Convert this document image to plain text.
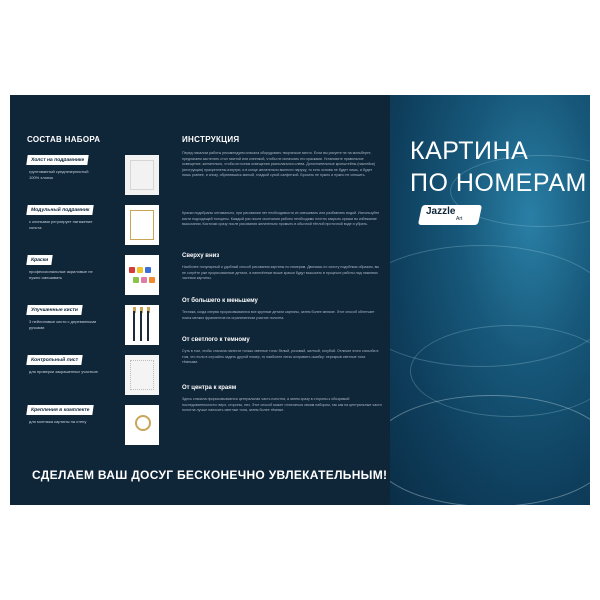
СОСТАВ НАБОРА	ИНСТРУКЦИЯ
Холст на подрамнике
грунтованный среднезернистый 100% хлопок
Модульный подрамник
с клиньями регулирует натяжение холста
Краски
профессиональные акриловые не нужно смешивать
Улучшенные кисти
3 нейлоновые кисти с деревянными ручками
Контрольный лист
для проверки закрашенных участков
Крепления в комплекте
для монтажа картины на стену
Перед началом работы рекомендуем сначала оборудовать творческое место. Если вы рисуете не на мольберте, предлагаем застелить стол газетой или клеенкой, чтобы не испачкать его красками. Установите правильное освещение, желательно, чтобы источник освещения располагался слева. Дополнительные кронштейны (наклейки) (инструкция) прикреплены изнутри, и в конце желательно вынести наружу, то есть основа не будет лишь, и будет лишь ровнее, и снизу, обратившись мягкой, гладкой сухой салфеткой. Бросать не нужно и нужно не спешить.
Краски подобраны оптимально, при рисовании нет необходимости их смешивать или разбавлять водой. Используйте кисти подходящей толщины. Каждый раз после окончания работы необходимо плотно закрыть краски во избежание высыхания. Кисточки сразу после рисования желательно промыть в обычной тёплой проточной воде и убрать.
Сверху вниз
Наиболее популярный и удобный способ рисования картины по номерам. Двигаясь по холсту подобным образом, вы не сотрёте уже прорисованные детали, а нанесённые выше краски будут высыхать в процессе работы над нижними частями картины.
От большего к меньшему
Техника, когда сперва прорисовываются все крупные детали картины, затем более мелкие. Этот способ облегчает поиск мелких фрагментов на ограниченном участке полотна.
От светлого к темному
Суть в том, чтобы сначала нанести только светлые тона: белый, розовый, желтый, голубой. Отличие этого способа в том, что если в случайно задеть другой номер, то наиболее легко исправить ошибку: перекрыв светлые тона тёмными.
От центра к краям
Здесь сначала прорисовываются центральная часть полотна, а затем сразу в стороны к обозримой последовательности: верх, стороны, низ. Этот способ может отличаться своим набором, так как на центральные части полотна лучше наносить светлые тона, затем более тёмные.
СДЕЛАЕМ ВАШ ДОСУГ БЕСКОНЕЧНО УВЛЕКАТЕЛЬНЫМ!
КАРТИНА
ПО НОМЕРАМ
Jazzle
Art
